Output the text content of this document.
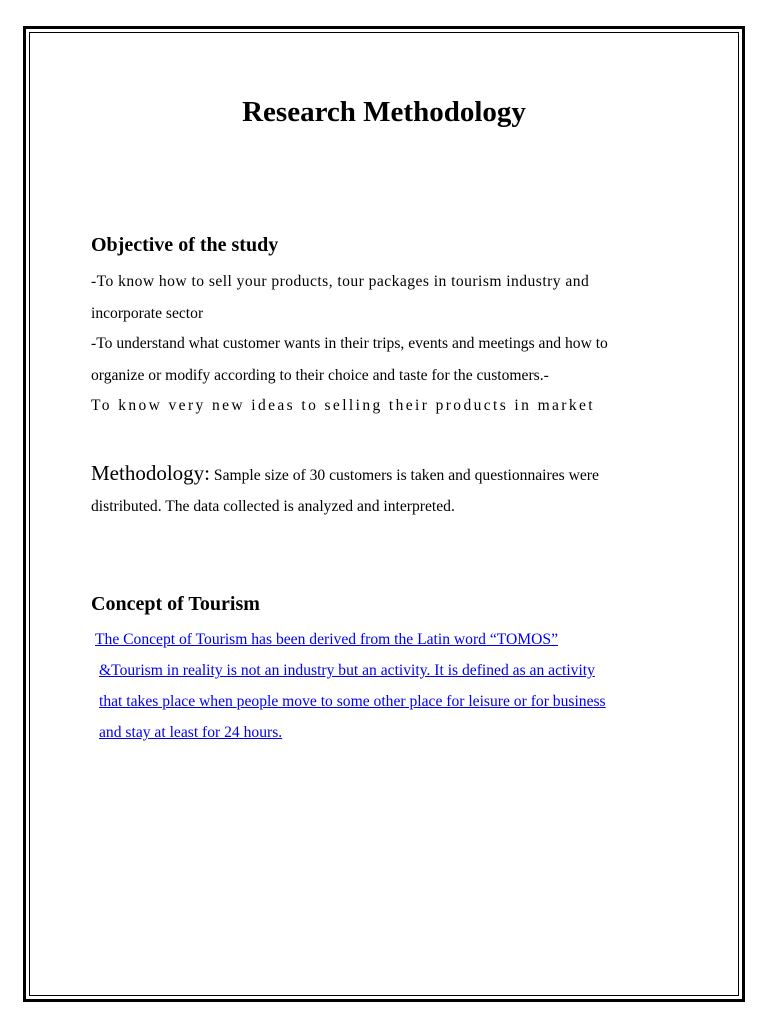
Research Methodology
Objective of the study

-To know how to sell your products, tour packages in tourism industry and

incorporate sector

-To understand what customer wants in their trips, events and meetings and how to

organize or modify according to their choice and taste for the customers.-

To know very new ideas to selling their products in market

Methodology: Sample size of 30 customers is taken and questionnaires were

distributed. The data collected is analyzed and interpreted.

Concept of Tourism

The Concept of Tourism has been derived from the Latin word “TOMOS”

&Tourism in reality is not an industry but an activity. It is defined as an activity

that takes place when people move to some other place for leisure or for business

and stay at least for 24 hours.
